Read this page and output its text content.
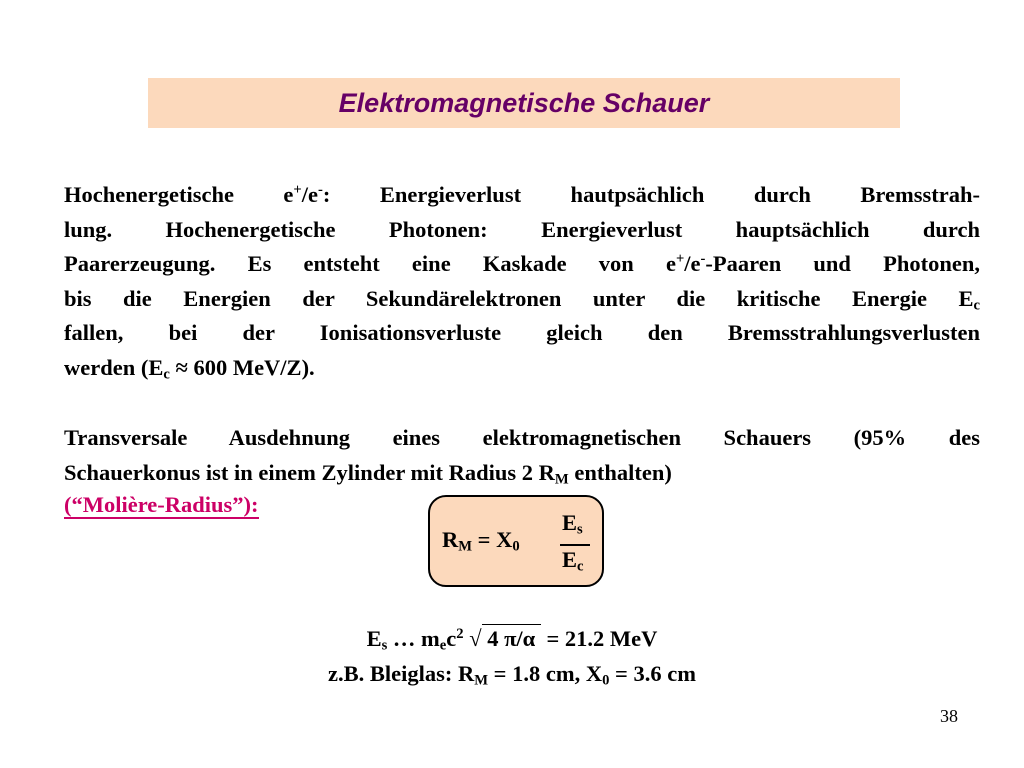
Elektromagnetische Schauer
Hochenergetische e+/e-: Energieverlust hautpsächlich durch Bremsstrah-
lung. Hochenergetische Photonen: Energieverlust hauptsächlich durch
Paarerzeugung. Es entsteht eine Kaskade von e+/e--Paaren und Photonen,
bis die Energien der Sekundärelektronen unter die kritische Energie $E_c$
fallen, bei der Ionisationsverluste gleich den Bremsstrahlungsverlusten
werden ($E_c \approx 600$ MeV/Z).
Transversale Ausdehnung eines elektromagnetischen Schauers (95% des
Schauerkonus ist in einem Zylinder mit Radius 2 $R_M$ enthalten)

(“Molière-Radius”):

$R_M = X_0$
$E_s$
$E_c$
$E_s$ … $m_ec^2$ √ 4 π/α  = 21.2 MeV
z.B. Bleiglas: $R_M = 1.8$ cm, $X_0 = 3.6$ cm
38
